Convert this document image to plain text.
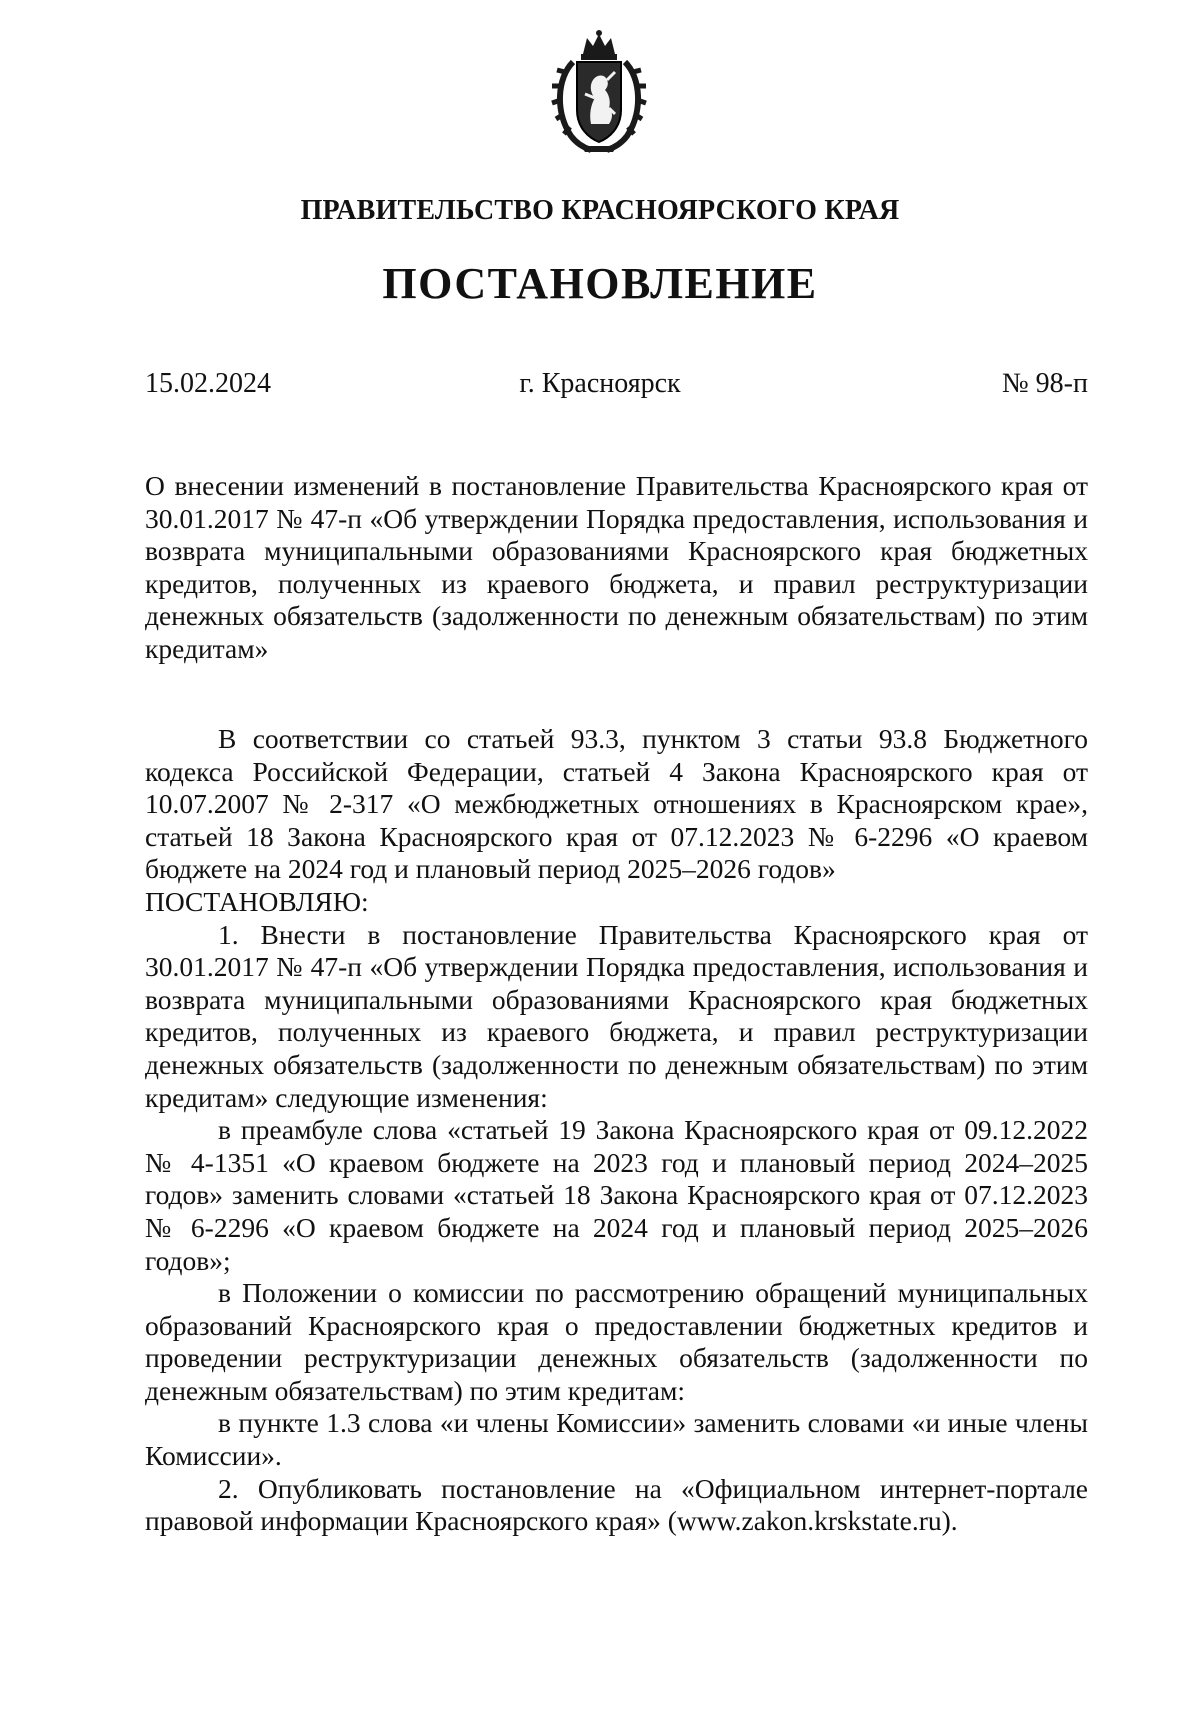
ПРАВИТЕЛЬСТВО КРАСНОЯРСКОГО КРАЯ
ПОСТАНОВЛЕНИЕ
15.02.2024	г. Красноярск	№ 98-п
О внесении изменений в постановление Правительства Красноярского края от 30.01.2017 № 47-п «Об утверждении Порядка предоставления, использования и возврата муниципальными образованиями Красноярского края бюджетных кредитов, полученных из краевого бюджета, и правил реструктуризации денежных обязательств (задолженности по денежным обязательствам) по этим кредитам»

В соответствии со статьей 93.3, пунктом 3 статьи 93.8 Бюджетного кодекса Российской Федерации, статьей 4 Закона Красноярского края от 10.07.2007 № 2-317 «О межбюджетных отношениях в Красноярском крае», статьей 18 Закона Красноярского края от 07.12.2023 № 6-2296 «О краевом бюджете на 2024 год и плановый период 2025–2026 годов»

ПОСТАНОВЛЯЮ:

1. Внести в постановление Правительства Красноярского края от 30.01.2017 № 47-п «Об утверждении Порядка предоставления, использования и возврата муниципальными образованиями Красноярского края бюджетных кредитов, полученных из краевого бюджета, и правил реструктуризации денежных обязательств (задолженности по денежным обязательствам) по этим кредитам» следующие изменения:

в преамбуле слова «статьей 19 Закона Красноярского края от 09.12.2022 № 4-1351 «О краевом бюджете на 2023 год и плановый период 2024–2025 годов» заменить словами «статьей 18 Закона Красноярского края от 07.12.2023 № 6-2296 «О краевом бюджете на 2024 год и плановый период 2025–2026 годов»;

в Положении о комиссии по рассмотрению обращений муниципальных образований Красноярского края о предоставлении бюджетных кредитов и проведении реструктуризации денежных обязательств (задолженности по денежным обязательствам) по этим кредитам:

в пункте 1.3 слова «и члены Комиссии» заменить словами «и иные члены Комиссии».

2. Опубликовать постановление на «Официальном интернет-портале правовой информации Красноярского края» (www.zakon.krskstate.ru).
